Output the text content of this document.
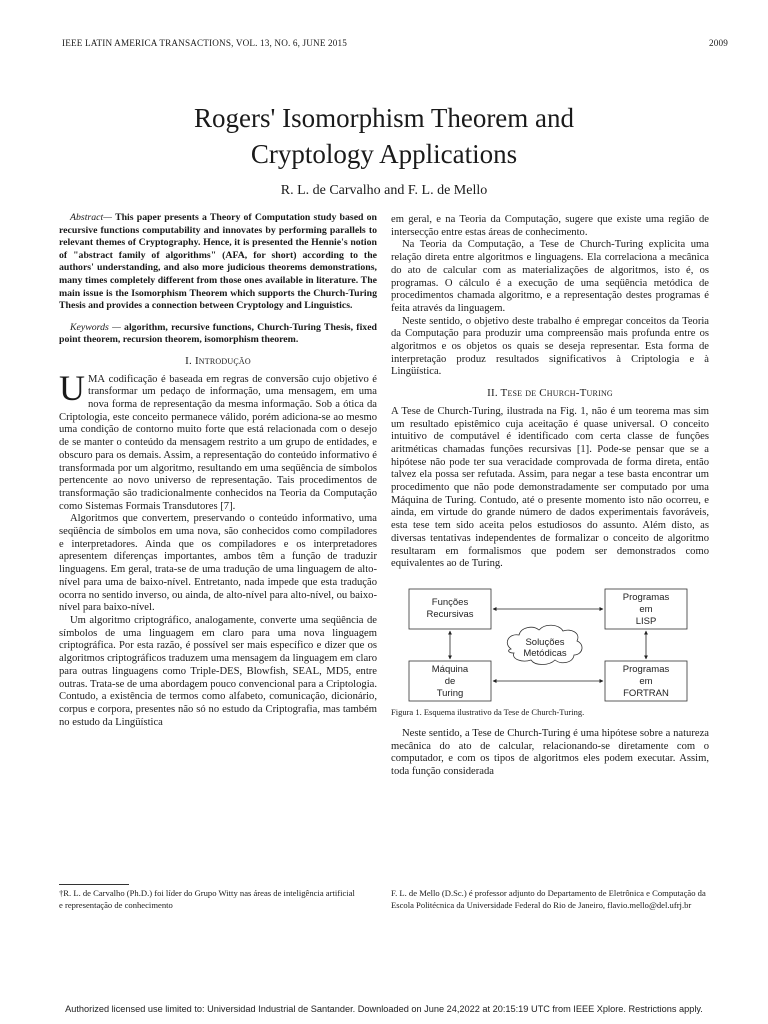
IEEE LATIN AMERICA TRANSACTIONS, VOL. 13, NO. 6, JUNE 2015	2009
Rogers' Isomorphism Theorem and
Cryptology Applications
R. L. de Carvalho and F. L. de Mello

Abstract— This paper presents a Theory of Computation study based on recursive functions computability and innovates by performing parallels to relevant themes of Cryptography. Hence, it is presented the Hennie's notion of "abstract family of algorithms" (AFA, for short) according to the authors' understanding, and also more judicious theorems demonstrations, many times completely different from those ones available in literature. The main issue is the Isomorphism Theorem which supports the Church-Turing Thesis and provides a connection between Cryptology and Linguistics.

Keywords — algorithm, recursive functions, Church-Turing Thesis, fixed point theorem, recursion theorem, isomorphism theorem.

I. Introdução

UMA codificação é baseada em regras de conversão cujo objetivo é transformar um pedaço de informação, uma mensagem, em uma nova forma de representação da mesma informação. Sob a ótica da Criptologia, este conceito permanece válido, porém adiciona-se ao mesmo uma condição de contorno muito forte que está relacionada com o desejo de se manter o conteúdo da mensagem restrito a um grupo de entidades, e obscuro para os demais. Assim, a representação do conteúdo informativo é transformada por um algoritmo, resultando em uma seqüência de símbolos pertencente ao novo universo de representação. Tais procedimentos de transformação são tradicionalmente conhecidos na Teoria da Computação como Sistemas Formais Transdutores [7].

Algoritmos que convertem, preservando o conteúdo informativo, uma seqüência de símbolos em uma nova, são conhecidos como compiladores e interpretadores. Ainda que os compiladores e os interpretadores apresentem diferenças importantes, ambos têm a função de traduzir linguagens. Em geral, trata-se de uma tradução de uma linguagem de alto-nível para uma de baixo-nível. Entretanto, nada impede que esta tradução ocorra no sentido inverso, ou ainda, de alto-nível para alto-nível, ou baixo-nível para baixo-nível.

Um algoritmo criptográfico, analogamente, converte uma seqüência de símbolos de uma linguagem em claro para uma nova linguagem criptográfica. Por esta razão, é possível ser mais específico e dizer que os algoritmos criptográficos traduzem uma mensagem da linguagem em claro para outras linguagens como Triple-DES, Blowfish, SEAL, MD5, entre outras. Trata-se de uma abordagem pouco convencional para a Criptologia. Contudo, a existência de termos como alfabeto, comunicação, dicionário, corpus e corpora, presentes não só no estudo da Criptografia, mas também no estudo da Lingüística

em geral, e na Teoria da Computação, sugere que existe uma região de intersecção entre estas áreas de conhecimento.

Na Teoria da Computação, a Tese de Church-Turing explicita uma relação direta entre algoritmos e linguagens. Ela correlaciona a mecânica do ato de calcular com as materializações de algoritmos, isto é, os programas. O cálculo é a execução de uma seqüência metódica de procedimentos chamada algoritmo, e a representação destes programas é feita através da linguagem.

Neste sentido, o objetivo deste trabalho é empregar conceitos da Teoria da Computação para produzir uma compreensão mais profunda entre os algoritmos e os objetos os quais se deseja representar. Esta forma de interpretação produz resultados significativos à Criptologia e à Lingüística.

II. Tese de Church-Turing

A Tese de Church-Turing, ilustrada na Fig. 1, não é um teorema mas sim um resultado epistêmico cuja aceitação é quase universal. O conceito intuitivo de computável é identificado com certa classe de funções aritméticas chamadas funções recursivas [1]. Pode-se pensar que se a hipótese não pode ter sua veracidade comprovada de forma direta, então talvez ela possa ser refutada. Assim, para negar a tese basta encontrar um procedimento que não pode demonstradamente ser computado por uma Máquina de Turing. Contudo, até o presente momento isto não ocorreu, e ainda, em virtude do grande número de dados experimentais favoráveis, esta tese tem sido aceita pelos estudiosos do assunto. Além disto, as diversas tentativas independentes de formalizar o conceito de algoritmo resultaram em formalismos que podem ser demonstrados como equivalentes ao de Turing.

Funções
Recursivas
Programas
em
LISP
Soluções
Metódicas
Máquina
de
Turing
Programas
em
FORTRAN
Figura 1. Esquema ilustrativo da Tese de Church-Turing.

Neste sentido, a Tese de Church-Turing é uma hipótese sobre a natureza mecânica do ato de calcular, relacionando-se diretamente com o computador, e com os tipos de algoritmos eles podem executar. Assim, toda função considerada

†R. L. de Carvalho (Ph.D.) foi líder do Grupo Witty nas áreas de inteligência artificial e representação de conhecimento
F. L. de Mello (D.Sc.) é professor adjunto do Departamento de Eletrônica e Computação da Escola Politécnica da Universidade Federal do Rio de Janeiro, flavio.mello@del.ufrj.br
Authorized licensed use limited to: Universidad Industrial de Santander. Downloaded on June 24,2022 at 20:15:19 UTC from IEEE Xplore. Restrictions apply.
